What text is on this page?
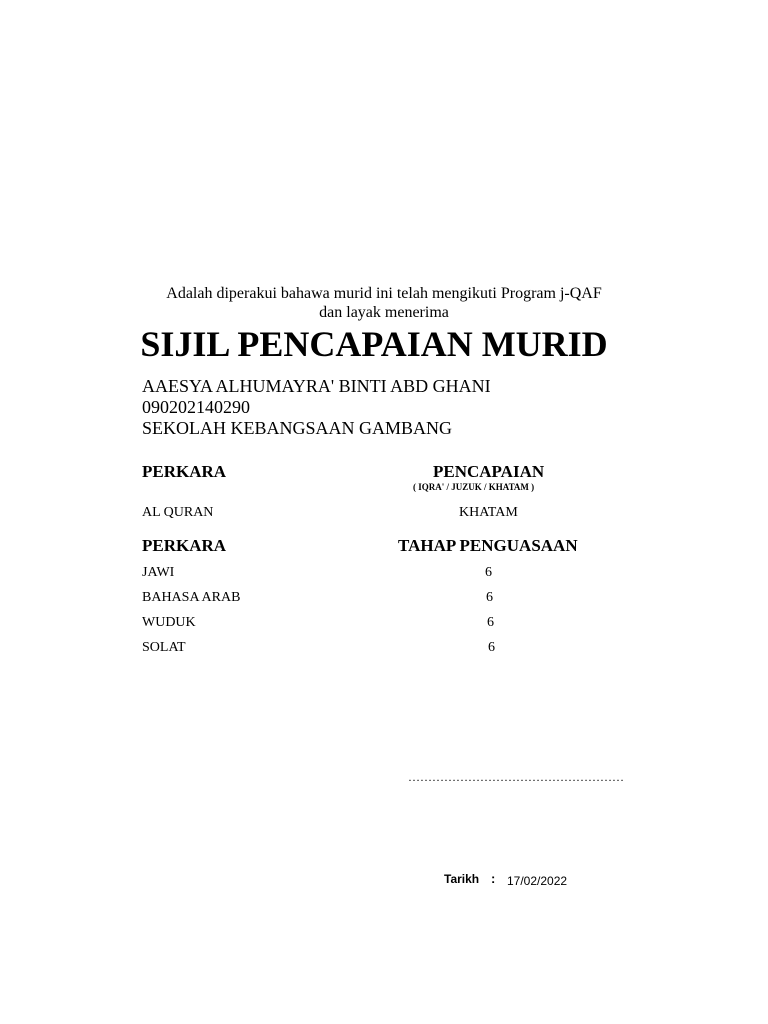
Adalah diperakui bahawa murid ini telah mengikuti Program j-QAF
dan layak menerima
SIJIL PENCAPAIAN MURID
AAESYA ALHUMAYRA' BINTI ABD GHANI
090202140290
SEKOLAH KEBANGSAAN GAMBANG
PERKARA	PENCAPAIAN
( IQRA' / JUZUK / KHATAM )
AL QURAN	KHATAM
PERKARA	TAHAP PENGUASAAN
JAWI	6
BAHASA ARAB	6
WUDUK	6
SOLAT	6
………………………………………………
Tarikh : 17/02/2022
